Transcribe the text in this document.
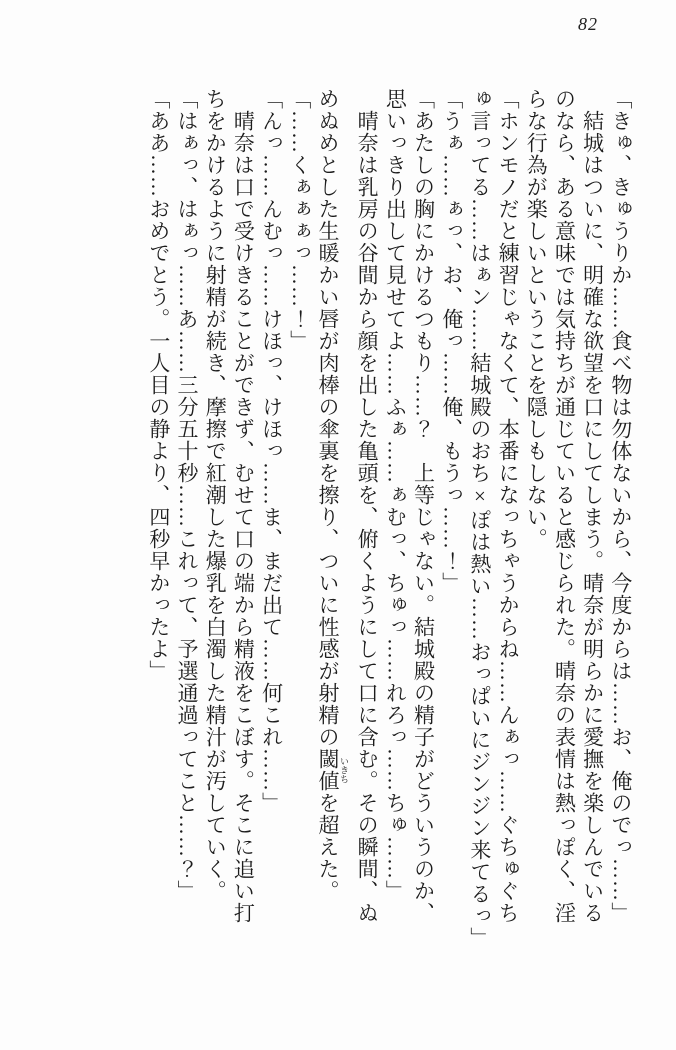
82
「きゅ、きゅうりか……食べ物は勿体ないから、今度からは……お、俺のでっ……」
結城はついに、明確な欲望を口にしてしまう。晴奈が明らかに愛撫を楽しんでいる
のなら、ある意味では気持ちが通じていると感じられた。晴奈の表情は熱っぽく、淫
らな行為が楽しいということを隠しもしない。
「ホンモノだと練習じゃなくて、本番になっちゃうからね……んぁっ……ぐちゅぐち
ゅ言ってる……はぁン……結城殿のおち×ぽは熱い……おっぱいにジンジン来てるっ」
「うぁ……ぁっ、お、俺っ……俺、もうっ……！」
「あたしの胸にかけるつもり……？　上等じゃない。結城殿の精子がどういうのか、
思いっきり出して見せてよ……ふぁ……ぁむっ、ちゅっ……れろっ……ちゅ……」
晴奈は乳房の谷間から顔を出した亀頭を、俯くようにして口に含む。その瞬間、ぬ
めぬめとした生暖かい唇が肉棒の傘裏を擦り、ついに性感が射精の閾値 いきちを超えた。
「……くぁぁぁっ……！」
「んっ……んむっ……けほっ、けほっ……ま、まだ出て……何これ……」
晴奈は口で受けきることができず、むせて口の端から精液をこぼす。そこに追い打
ちをかけるように射精が続き、摩擦で紅潮した爆乳を白濁した精汁が汚していく。
「はぁっ、はぁっ……あ……三分五十秒……これって、予選通過ってこと……？」
「ああ……おめでとう。一人目の静より、四秒早かったよ」
